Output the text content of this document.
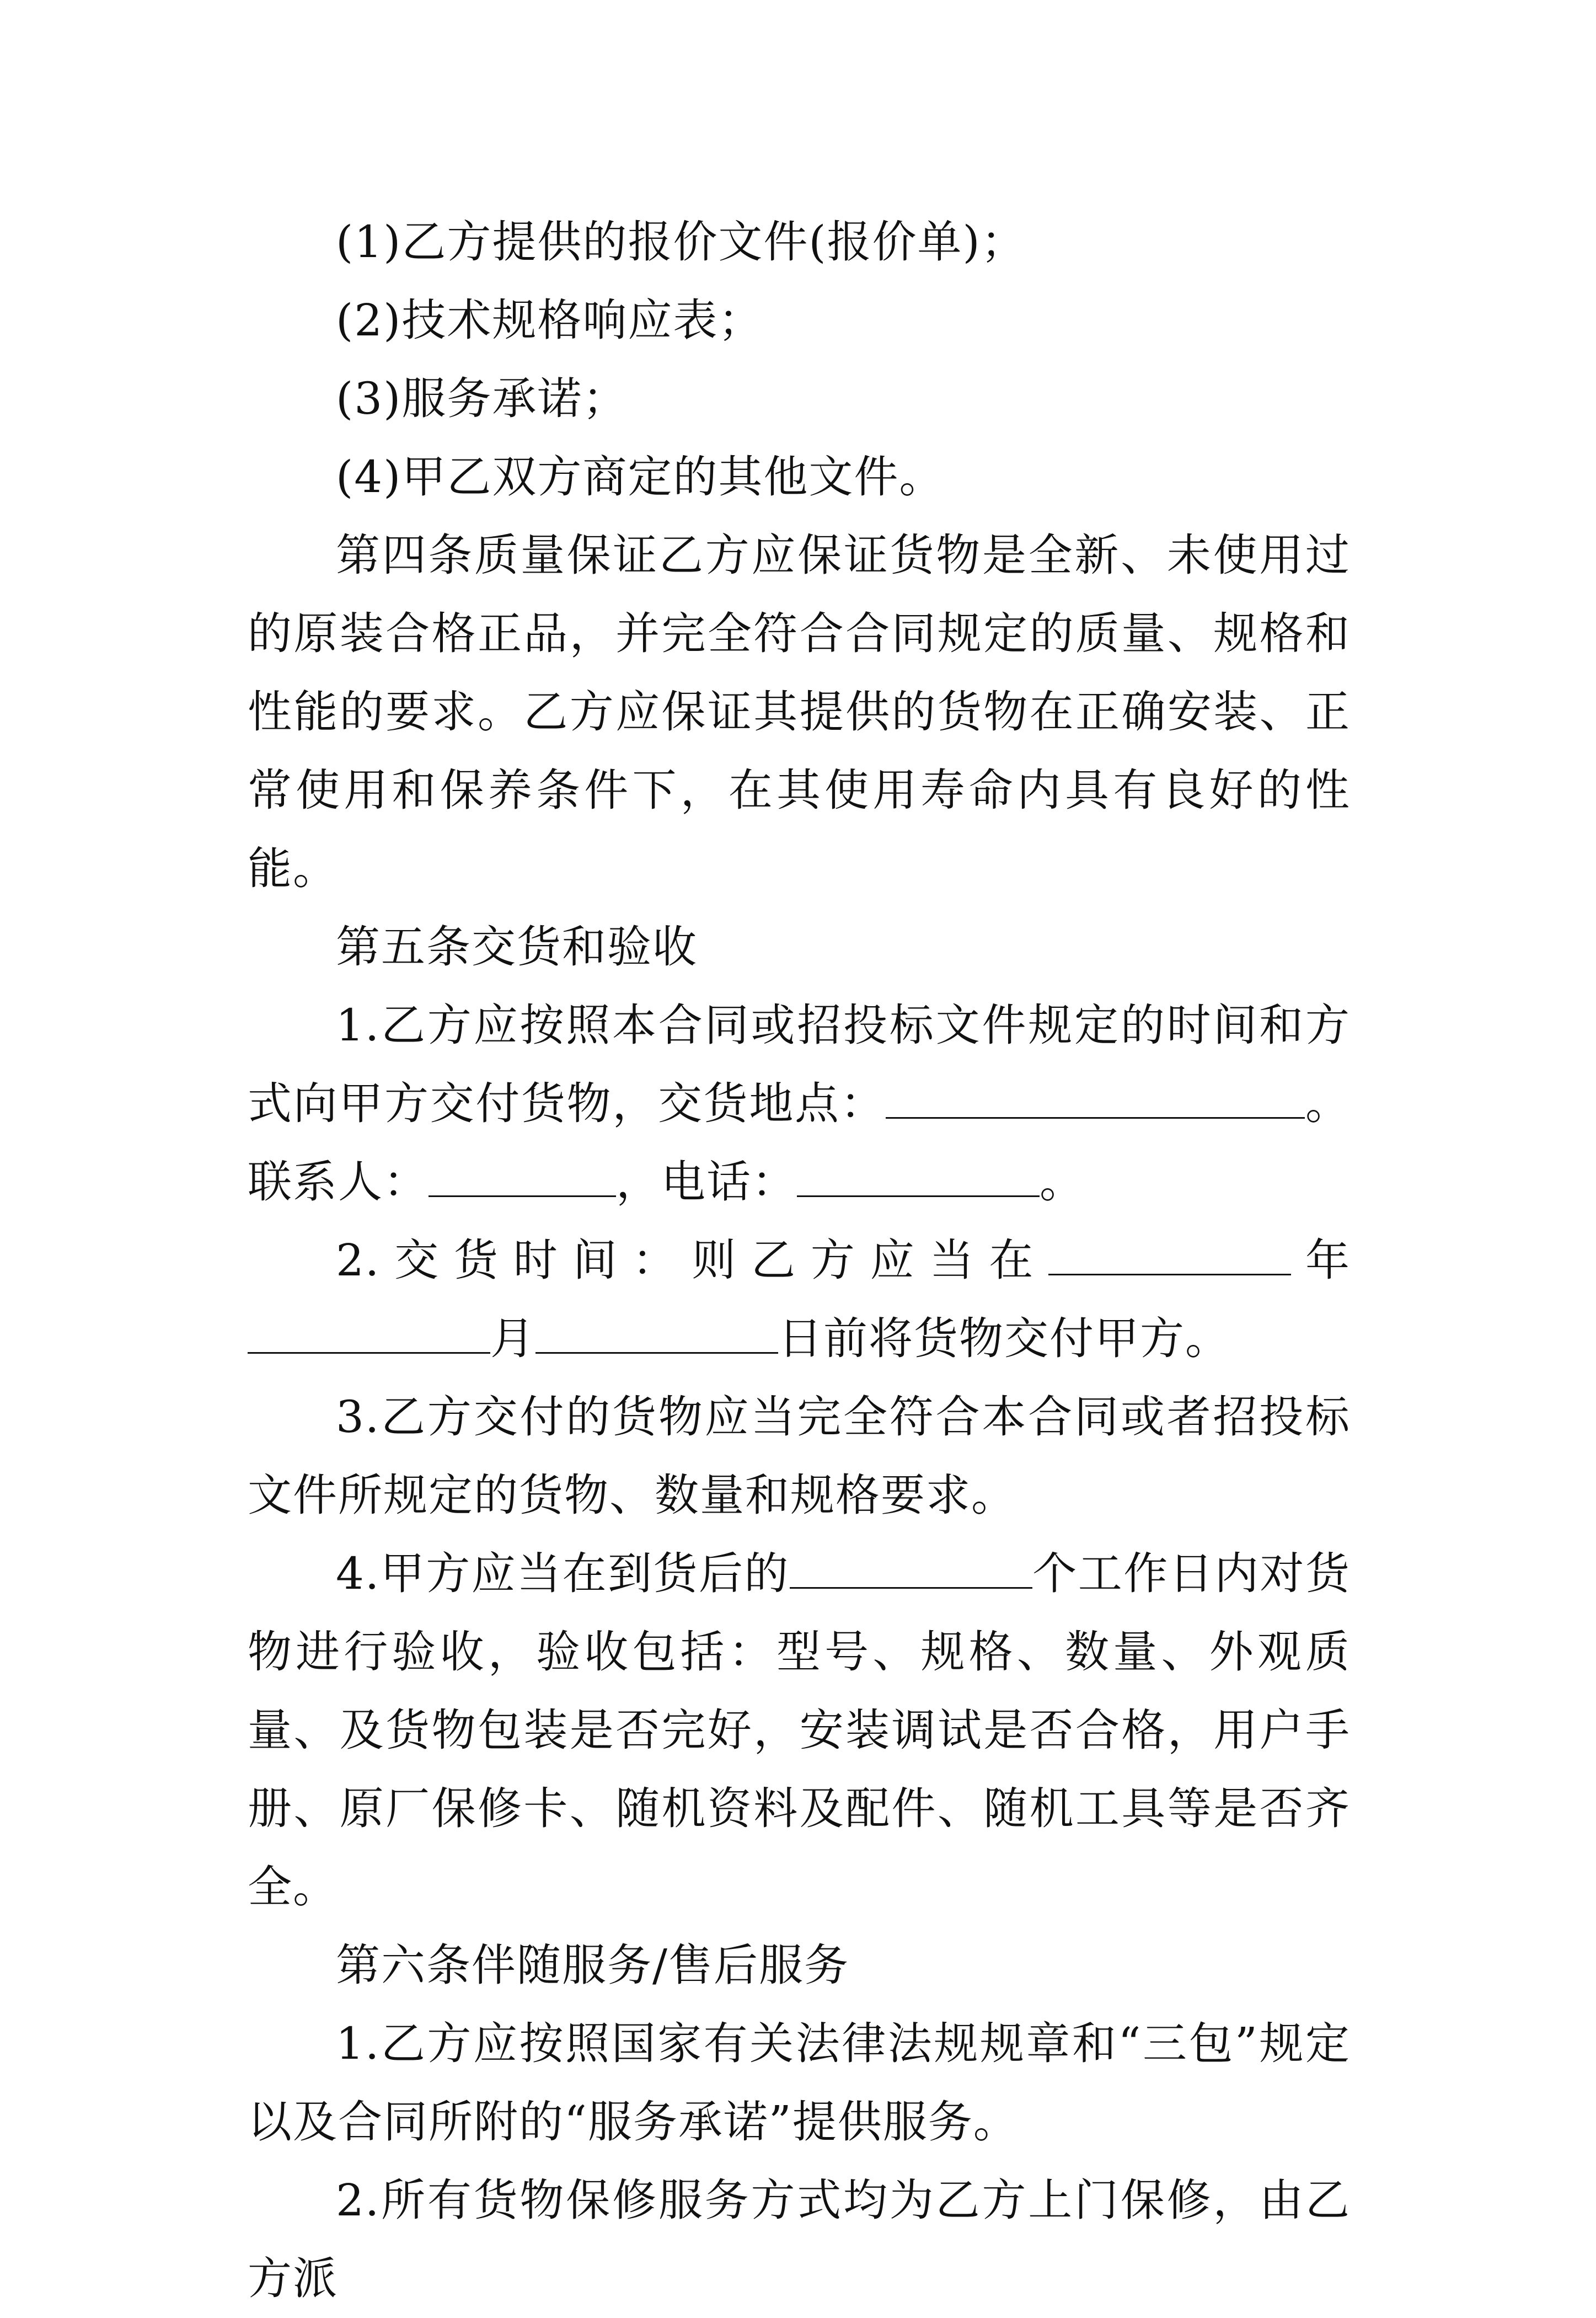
(1)乙方提供的报价文件(报价单)；

(2)技术规格响应表；

(3)服务承诺；

(4)甲乙双方商定的其他文件。

第四条质量保证乙方应保证货物是全新、未使用过的原装合格正品，并完全符合合同规定的质量、规格和性能的要求。乙方应保证其提供的货物在正确安装、正常使用和保养条件下，在其使用寿命内具有良好的性能。

第五条交货和验收

1.乙方应按照本合同或招投标文件规定的时间和方式向甲方交付货物，交货地点：	。联系人：	，电话：	。

2.交货时间：则乙方应当在	年月	日前将货物交付甲方。

3.乙方交付的货物应当完全符合本合同或者招投标文件所规定的货物、数量和规格要求。

4.甲方应当在到货后的	个工作日内对货物进行验收，验收包括：型号、规格、数量、外观质量、及货物包装是否完好，安装调试是否合格，用户手册、原厂保修卡、随机资料及配件、随机工具等是否齐全。

第六条伴随服务/售后服务

1.乙方应按照国家有关法律法规规章和“三包”规定以及合同所附的“服务承诺”提供服务。

2.所有货物保修服务方式均为乙方上门保修，由乙方派
